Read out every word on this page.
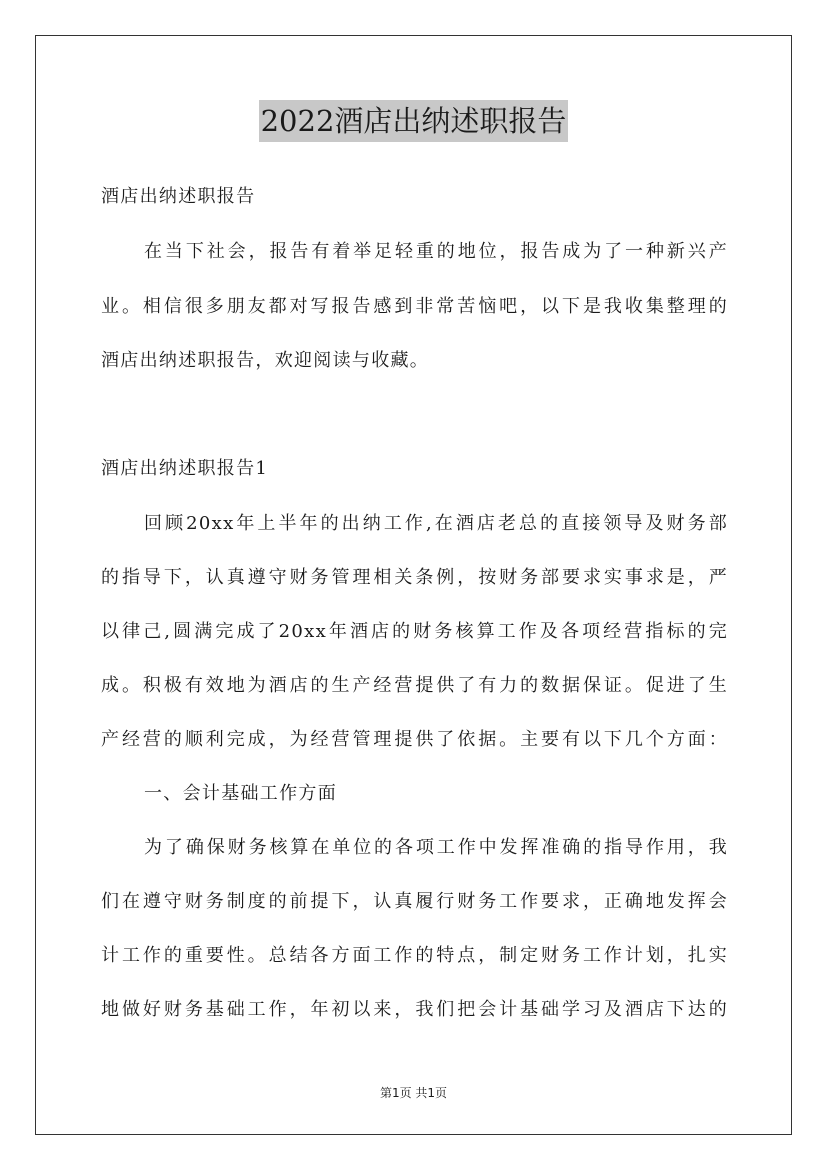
2022酒店出纳述职报告
酒店出纳述职报告
在当下社会，报告有着举足轻重的地位，报告成为了一种新兴产
业。相信很多朋友都对写报告感到非常苦恼吧，以下是我收集整理的
酒店出纳述职报告，欢迎阅读与收藏。
酒店出纳述职报告1
回顾20xx年上半年的出纳工作,在酒店老总的直接领导及财务部
的指导下，认真遵守财务管理相关条例，按财务部要求实事求是，严
以律己,圆满完成了20xx年酒店的财务核算工作及各项经营指标的完
成。积极有效地为酒店的生产经营提供了有力的数据保证。促进了生
产经营的顺利完成，为经营管理提供了依据。主要有以下几个方面：
一、会计基础工作方面
为了确保财务核算在单位的各项工作中发挥准确的指导作用，我
们在遵守财务制度的前提下，认真履行财务工作要求，正确地发挥会
计工作的重要性。总结各方面工作的特点，制定财务工作计划，扎实
地做好财务基础工作，年初以来，我们把会计基础学习及酒店下达的
第1页 共1页
